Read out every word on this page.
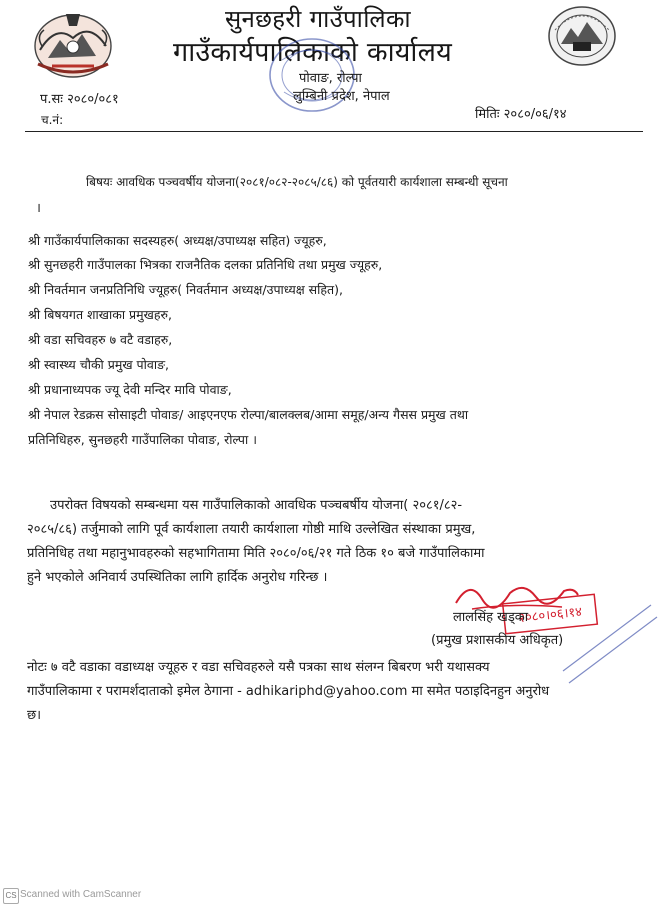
सुनछहरी गाउँपालिका
गाउँकार्यपालिकाको कार्यालय
पोवाङ, रोल्पा
लुम्बिनी प्रदेश, नेपाल
प.सः २०८०/०८१
च.नं:	मितिः २०८०/०६/१४
बिषयः आवधिक पञ्चवर्षीय योजना(२०८१/०८२-२०८५/८६) को पूर्वतयारी कार्यशाला सम्बन्धी सूचना
।
श्री गाउँकार्यपालिकाका सदस्यहरु( अध्यक्ष/उपाध्यक्ष सहित) ज्यूहरु,
श्री सुनछहरी गाउँपालका भित्रका राजनैतिक दलका प्रतिनिधि तथा प्रमुख ज्यूहरु,
श्री निवर्तमान जनप्रतिनिधि ज्यूहरु( निवर्तमान अध्यक्ष/उपाध्यक्ष सहित),
श्री बिषयगत शाखाका प्रमुखहरु,
श्री वडा सचिवहरु ७ वटै वडाहरु,
श्री स्वास्थ्य चौकी प्रमुख पोवाङ,
श्री प्रधानाध्यपक ज्यू देवी मन्दिर मावि पोवाङ,
श्री नेपाल रेडक्रस सोसाइटी पोवाङ/ आइएनएफ रोल्पा/बालक्लब/आमा समूह/अन्य गैसस प्रमुख तथा
प्रतिनिधिहरु, सुनछहरी गाउँपालिका पोवाङ, रोल्पा ।
उपरोक्त विषयको सम्बन्धमा यस गाउँपालिकाको आवधिक पञ्चबर्षीय योजना( २०८१/८२-
२०८५/८६) तर्जुमाको लागि पूर्व कार्यशाला तयारी कार्यशाला गोष्ठी माथि उल्लेखित संस्थाका प्रमुख,
प्रतिनिधिह तथा महानुभावहरुको सहभागितामा मिति २०८०/०६/२१ गते ठिक १० बजे गाउँपालिकामा
हुने भएकोले अनिवार्य उपस्थितिका लागि हार्दिक अनुरोध गरिन्छ ।
२०८०।०६।१४
लालसिंह खड्का
(प्रमुख प्रशासकीय अधिकृत)
नोटः ७ वटै वडाका वडाध्यक्ष ज्यूहरु र वडा सचिवहरुले यसै पत्रका साथ संलग्न बिबरण भरी यथासक्य
गाउँपालिकामा र परामर्शदाताको इमेल ठेगाना - adhikariphd@yahoo.com मा समेत पठाइदिनहुन अनुरोध
छ।
CS Scanned with CamScanner
